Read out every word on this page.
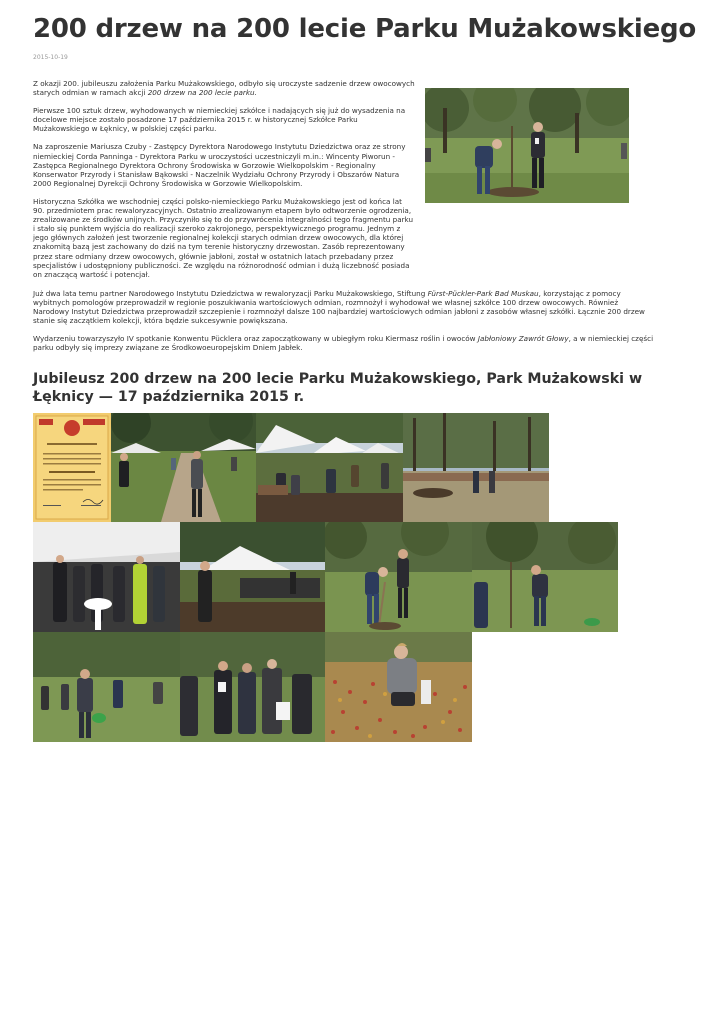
200 drzew na 200 lecie Parku Mużakowskiego
2015-10-19

Z okazji 200. jubileuszu założenia Parku Mużakowskiego, odbyło się uroczyste sadzenie drzew owocowych starych odmian w ramach akcji 200 drzew na 200 lecie parku.

Pierwsze 100 sztuk drzew, wyhodowanych w niemieckiej szkółce i nadających się już do wysadzenia na docelowe miejsce zostało posadzone 17 października 2015 r. w historycznej Szkółce Parku Mużakowskiego w Łęknicy, w polskiej części parku.

Na zaproszenie Mariusza Czuby - Zastępcy Dyrektora Narodowego Instytutu Dziedzictwa oraz ze strony niemieckiej Corda Panninga - Dyrektora Parku w uroczystości uczestniczyli m.in.: Wincenty Piworun - Zastępca Regionalnego Dyrektora Ochrony Środowiska w Gorzowie Wielkopolskim - Regionalny Konserwator Przyrody i Stanisław Bąkowski - Naczelnik Wydziału Ochrony Przyrody i Obszarów Natura 2000 Regionalnej Dyrekcji Ochrony Środowiska w Gorzowie Wielkopolskim.

Historyczna Szkółka we wschodniej części polsko-niemieckiego Parku Mużakowskiego jest od końca lat 90. przedmiotem prac rewaloryzacyjnych. Ostatnio zrealizowanym etapem było odtworzenie ogrodzenia, zrealizowane ze środków unijnych. Przyczyniło się to do przywrócenia integralności tego fragmentu parku i stało się punktem wyjścia do realizacji szeroko zakrojonego, perspektywicznego programu. Jednym z jego głównych założeń jest tworzenie regionalnej kolekcji starych odmian drzew owocowych, dla której znakomitą bazą jest zachowany do dziś na tym terenie historyczny drzewostan. Zasób reprezentowany przez stare odmiany drzew owocowych, głównie jabłoni, został w ostatnich latach przebadany przez specjalistów i udostępniony publiczności. Ze względu na różnorodność odmian i dużą liczebność posiada on znaczącą wartość i potencjał.

Już dwa lata temu partner Narodowego Instytutu Dziedzictwa w rewaloryzacji Parku Mużakowskiego, Stiftung Fürst-Pückler-Park Bad Muskau, korzystając z pomocy wybitnych pomologów przeprowadził w regionie poszukiwania wartościowych odmian, rozmnożył i wyhodował we własnej szkółce 100 drzew owocowych. Również Narodowy Instytut Dziedzictwa przeprowadził szczepienie i rozmnożył dalsze 100 najbardziej wartościowych odmian jabłoni z zasobów własnej szkółki. Łącznie 200 drzew stanie się zaczątkiem kolekcji, która będzie sukcesywnie powiększana.

Wydarzeniu towarzyszyło IV spotkanie Konwentu Pücklera oraz zapoczątkowany w ubiegłym roku Kiermasz roślin i owoców Jabłoniowy Zawrót Głowy, a w niemieckiej części parku odbyły się imprezy związane ze Środkowoeuropejskim Dniem Jabłek.

Jubileusz 200 drzew na 200 lecie Parku Mużakowskiego, Park Mużakowski w Łęknicy — 17 października 2015 r.
